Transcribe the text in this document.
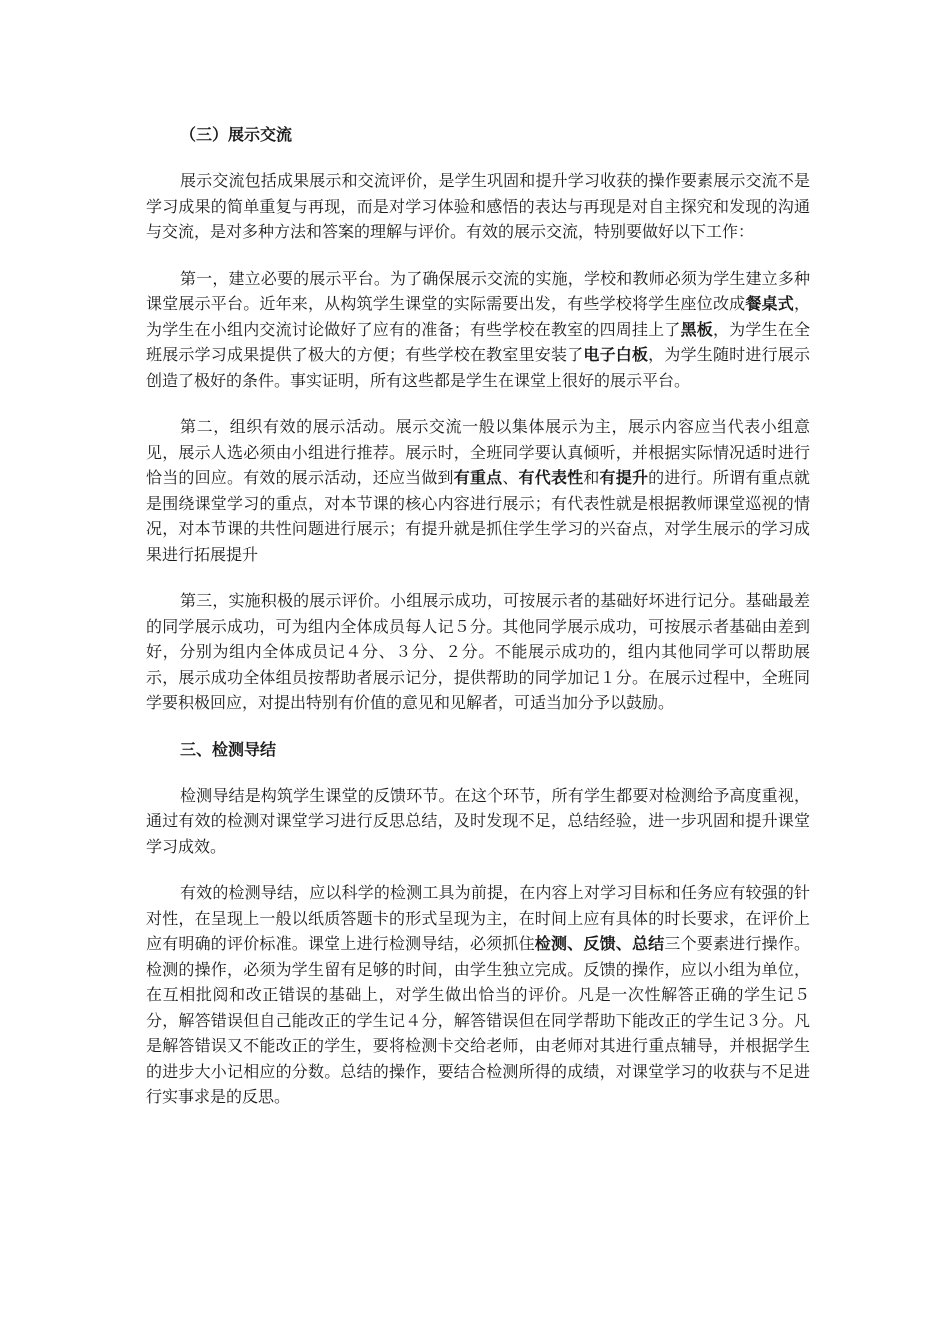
（三）展示交流

展示交流包括成果展示和交流评价，是学生巩固和提升学习收获的操作要素展示交流不是学习成果的简单重复与再现，而是对学习体验和感悟的表达与再现是对自主探究和发现的沟通与交流，是对多种方法和答案的理解与评价。有效的展示交流，特别要做好以下工作：

第一，建立必要的展示平台。为了确保展示交流的实施，学校和教师必须为学生建立多种课堂展示平台。近年来，从构筑学生课堂的实际需要出发，有些学校将学生座位改成餐桌式，为学生在小组内交流讨论做好了应有的准备；有些学校在教室的四周挂上了黑板，为学生在全班展示学习成果提供了极大的方便；有些学校在教室里安装了电子白板，为学生随时进行展示创造了极好的条件。事实证明，所有这些都是学生在课堂上很好的展示平台。

第二，组织有效的展示活动。展示交流一般以集体展示为主，展示内容应当代表小组意见，展示人选必须由小组进行推荐。展示时，全班同学要认真倾听，并根据实际情况适时进行恰当的回应。有效的展示活动，还应当做到有重点、有代表性和有提升的进行。所谓有重点就是围绕课堂学习的重点，对本节课的核心内容进行展示；有代表性就是根据教师课堂巡视的情况，对本节课的共性问题进行展示；有提升就是抓住学生学习的兴奋点，对学生展示的学习成果进行拓展提升

第三，实施积极的展示评价。小组展示成功，可按展示者的基础好坏进行记分。基础最差的同学展示成功，可为组内全体成员每人记５分。其他同学展示成功，可按展示者基础由差到好，分别为组内全体成员记４分、３分、２分。不能展示成功的，组内其他同学可以帮助展示，展示成功全体组员按帮助者展示记分，提供帮助的同学加记１分。在展示过程中，全班同学要积极回应，对提出特别有价值的意见和见解者，可适当加分予以鼓励。

三、检测导结

检测导结是构筑学生课堂的反馈环节。在这个环节，所有学生都要对检测给予高度重视，通过有效的检测对课堂学习进行反思总结，及时发现不足，总结经验，进一步巩固和提升课堂学习成效。

有效的检测导结，应以科学的检测工具为前提，在内容上对学习目标和任务应有较强的针对性，在呈现上一般以纸质答题卡的形式呈现为主，在时间上应有具体的时长要求，在评价上应有明确的评价标准。课堂上进行检测导结，必须抓住检测、反馈、总结三个要素进行操作。检测的操作，必须为学生留有足够的时间，由学生独立完成。反馈的操作，应以小组为单位，在互相批阅和改正错误的基础上，对学生做出恰当的评价。凡是一次性解答正确的学生记５分，解答错误但自己能改正的学生记４分，解答错误但在同学帮助下能改正的学生记３分。凡是解答错误又不能改正的学生，要将检测卡交给老师，由老师对其进行重点辅导，并根据学生的进步大小记相应的分数。总结的操作，要结合检测所得的成绩，对课堂学习的收获与不足进行实事求是的反思。
